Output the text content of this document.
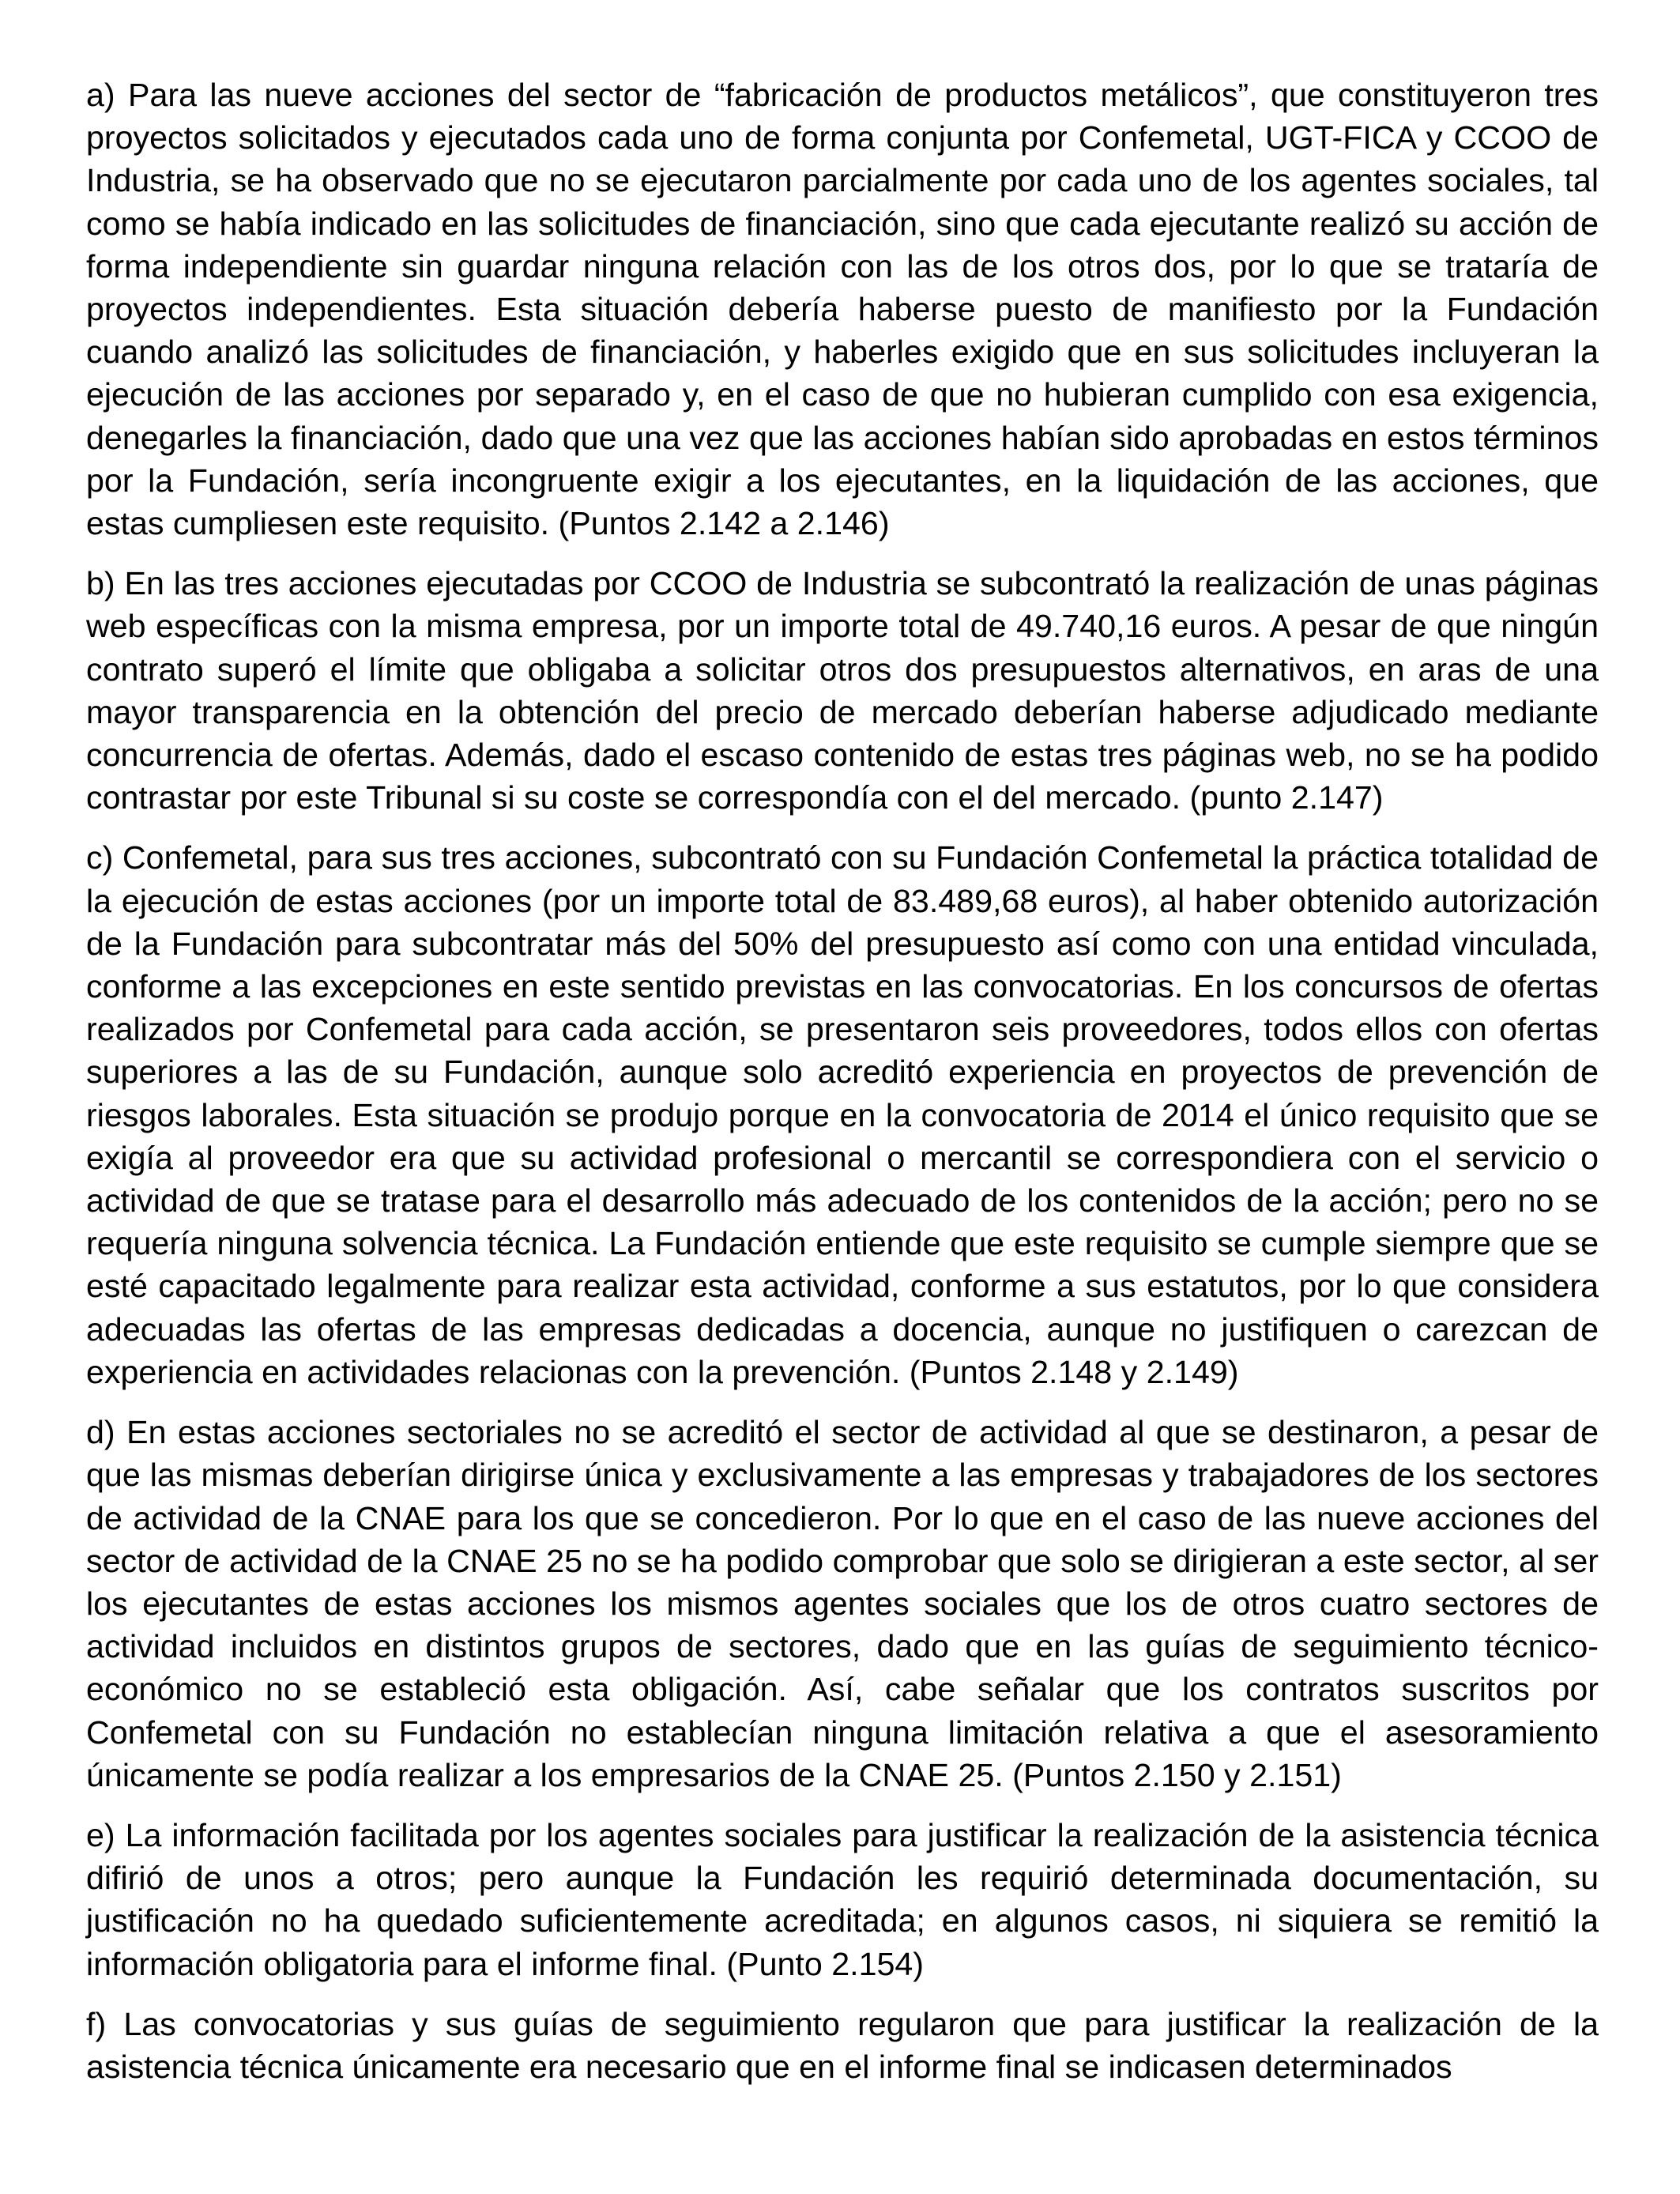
a) Para las nueve acciones del sector de “fabricación de productos metálicos”, que constituyeron tres proyectos solicitados y ejecutados cada uno de forma conjunta por Confemetal, UGT-FICA y CCOO de Industria, se ha observado que no se ejecutaron parcialmente por cada uno de los agentes sociales, tal como se había indicado en las solicitudes de financiación, sino que cada ejecutante realizó su acción de forma independiente sin guardar ninguna relación con las de los otros dos, por lo que se trataría de proyectos independientes. Esta situación debería haberse puesto de manifiesto por la Fundación cuando analizó las solicitudes de financiación, y haberles exigido que en sus solicitudes incluyeran la ejecución de las acciones por separado y, en el caso de que no hubieran cumplido con esa exigencia, denegarles la financiación, dado que una vez que las acciones habían sido aprobadas en estos términos por la Fundación, sería incongruente exigir a los ejecutantes, en la liquidación de las acciones, que estas cumpliesen este requisito. (Puntos 2.142 a 2.146)

b) En las tres acciones ejecutadas por CCOO de Industria se subcontrató la realización de unas páginas web específicas con la misma empresa, por un importe total de 49.740,16 euros. A pesar de que ningún contrato superó el límite que obligaba a solicitar otros dos presupuestos alternativos, en aras de una mayor transparencia en la obtención del precio de mercado deberían haberse adjudicado mediante concurrencia de ofertas. Además, dado el escaso contenido de estas tres páginas web, no se ha podido contrastar por este Tribunal si su coste se correspondía con el del mercado. (punto 2.147)

c) Confemetal, para sus tres acciones, subcontrató con su Fundación Confemetal la práctica totalidad de la ejecución de estas acciones (por un importe total de 83.489,68 euros), al haber obtenido autorización de la Fundación para subcontratar más del 50% del presupuesto así como con una entidad vinculada, conforme a las excepciones en este sentido previstas en las convocatorias. En los concursos de ofertas realizados por Confemetal para cada acción, se presentaron seis proveedores, todos ellos con ofertas superiores a las de su Fundación, aunque solo acreditó experiencia en proyectos de prevención de riesgos laborales. Esta situación se produjo porque en la convocatoria de 2014 el único requisito que se exigía al proveedor era que su actividad profesional o mercantil se correspondiera con el servicio o actividad de que se tratase para el desarrollo más adecuado de los contenidos de la acción; pero no se requería ninguna solvencia técnica. La Fundación entiende que este requisito se cumple siempre que se esté capacitado legalmente para realizar esta actividad, conforme a sus estatutos, por lo que considera adecuadas las ofertas de las empresas dedicadas a docencia, aunque no justifiquen o carezcan de experiencia en actividades relacionas con la prevención. (Puntos 2.148 y 2.149)

d) En estas acciones sectoriales no se acreditó el sector de actividad al que se destinaron, a pesar de que las mismas deberían dirigirse única y exclusivamente a las empresas y trabajadores de los sectores de actividad de la CNAE para los que se concedieron. Por lo que en el caso de las nueve acciones del sector de actividad de la CNAE 25 no se ha podido comprobar que solo se dirigieran a este sector, al ser los ejecutantes de estas acciones los mismos agentes sociales que los de otros cuatro sectores de actividad incluidos en distintos grupos de sectores, dado que en las guías de seguimiento técnico-económico no se estableció esta obligación. Así, cabe señalar que los contratos suscritos por Confemetal con su Fundación no establecían ninguna limitación relativa a que el asesoramiento únicamente se podía realizar a los empresarios de la CNAE 25. (Puntos 2.150 y 2.151)

e) La información facilitada por los agentes sociales para justificar la realización de la asistencia técnica difirió de unos a otros; pero aunque la Fundación les requirió determinada documentación, su justificación no ha quedado suficientemente acreditada; en algunos casos, ni siquiera se remitió la información obligatoria para el informe final. (Punto 2.154)

f) Las convocatorias y sus guías de seguimiento regularon que para justificar la realización de la asistencia técnica únicamente era necesario que en el informe final se indicasen determinados
